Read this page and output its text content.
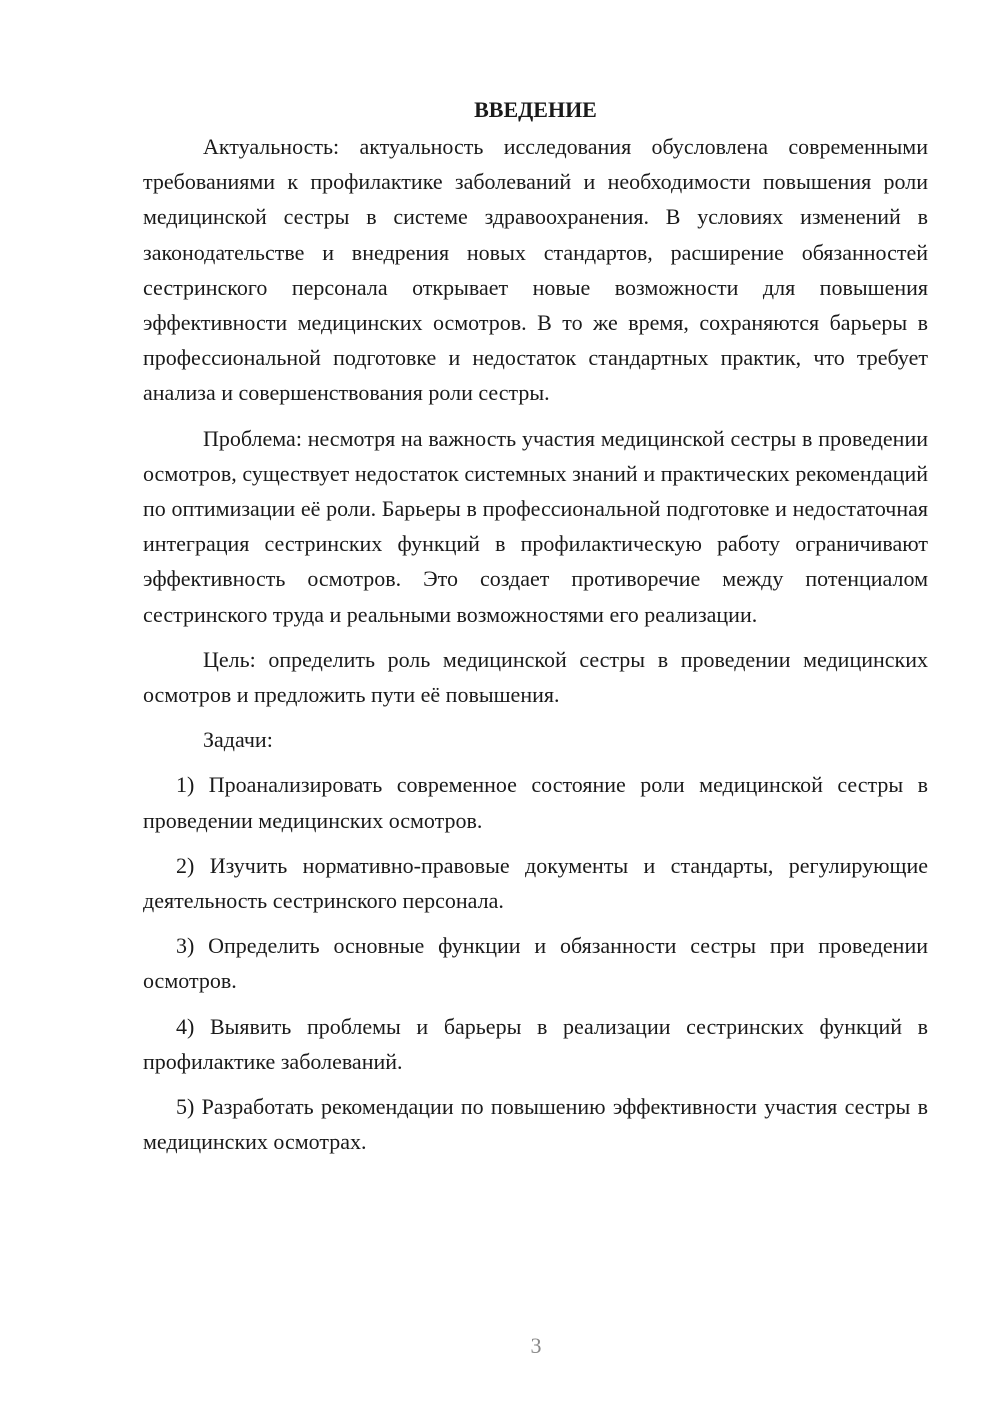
ВВЕДЕНИЕ

Актуальность: актуальность исследования обусловлена современными требованиями к профилактике заболеваний и необходимости повышения роли медицинской сестры в системе здравоохранения. В условиях изменений в законодательстве и внедрения новых стандартов, расширение обязанностей сестринского персонала открывает новые возможности для повышения эффективности медицинских осмотров. В то же время, сохраняются барьеры в профессиональной подготовке и недостаток стандартных практик, что требует анализа и совершенствования роли сестры.

Проблема: несмотря на важность участия медицинской сестры в проведении осмотров, существует недостаток системных знаний и практических рекомендаций по оптимизации её роли. Барьеры в профессиональной подготовке и недостаточная интеграция сестринских функций в профилактическую работу ограничивают эффективность осмотров. Это создает противоречие между потенциалом сестринского труда и реальными возможностями его реализации.

Цель: определить роль медицинской сестры в проведении медицинских осмотров и предложить пути её повышения.

Задачи:

1) Проанализировать современное состояние роли медицинской сестры в проведении медицинских осмотров.

2) Изучить нормативно-правовые документы и стандарты, регулирующие деятельность сестринского персонала.

3) Определить основные функции и обязанности сестры при проведении осмотров.

4) Выявить проблемы и барьеры в реализации сестринских функций в профилактике заболеваний.

5) Разработать рекомендации по повышению эффективности участия сестры в медицинских осмотрах.

3
